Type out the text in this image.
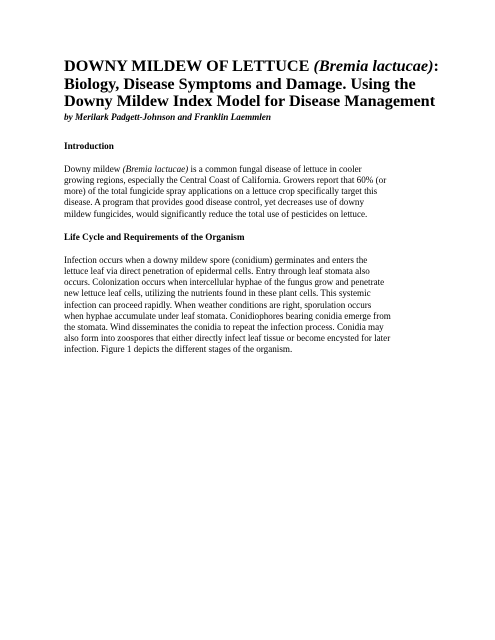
DOWNY MILDEW OF LETTUCE (Bremia lactucae):
Biology, Disease Symptoms and Damage. Using the
Downy Mildew Index Model for Disease Management

by Merilark Padgett-Johnson and Franklin Laemmlen

Introduction

Downy mildew (Bremia lactucae) is a common fungal disease of lettuce in cooler
growing regions, especially the Central Coast of California. Growers report that 60% (or
more) of the total fungicide spray applications on a lettuce crop specifically target this
disease. A program that provides good disease control, yet decreases use of downy
mildew fungicides, would significantly reduce the total use of pesticides on lettuce.

Life Cycle and Requirements of the Organism

Infection occurs when a downy mildew spore (conidium) germinates and enters the
lettuce leaf via direct penetration of epidermal cells. Entry through leaf stomata also
occurs. Colonization occurs when intercellular hyphae of the fungus grow and penetrate
new lettuce leaf cells, utilizing the nutrients found in these plant cells. This systemic
infection can proceed rapidly. When weather conditions are right, sporulation occurs
when hyphae accumulate under leaf stomata. Conidiophores bearing conidia emerge from
the stomata. Wind disseminates the conidia to repeat the infection process. Conidia may
also form into zoospores that either directly infect leaf tissue or become encysted for later
infection. Figure 1 depicts the different stages of the organism.
